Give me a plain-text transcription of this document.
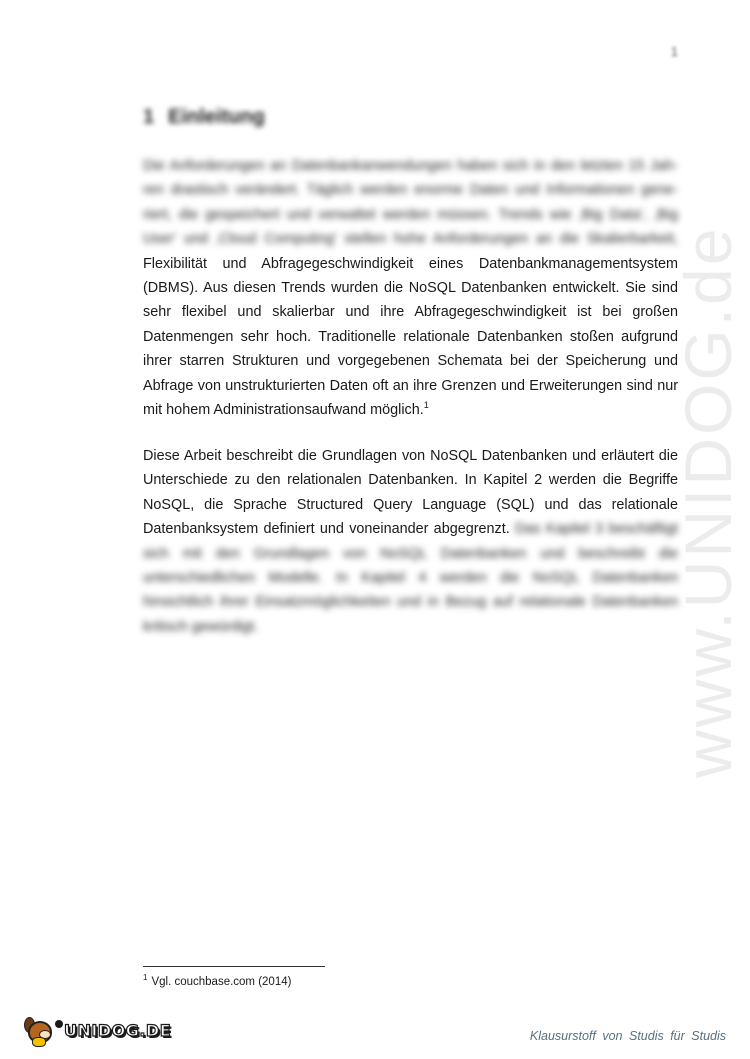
www.UNIDOG.de
1
1 Einleitung

Die Anforderungen an Datenbankanwendungen haben sich in den letzten 15 Jah- ren drastisch verändert. Täglich werden enorme Daten und Informationen gene- riert, die gespeichert und verwaltet werden müssen. Trends wie ‚Big Data', ‚Big User' und ‚Cloud Computing' stellen hohe Anforderungen an die Skalierbarkeit, Flexibilität und Abfragegeschwindigkeit eines Datenbankmanagementsystem (DBMS). Aus diesen Trends wurden die NoSQL Datenbanken entwickelt. Sie sind sehr flexibel und skalierbar und ihre Abfragegeschwindigkeit ist bei großen Datenmengen sehr hoch. Traditionelle relationale Datenbanken stoßen aufgrund ihrer starren Strukturen und vorgegebenen Schemata bei der Speicherung und Abfrage von unstrukturierten Daten oft an ihre Grenzen und Erweiterungen sind nur mit hohem Administrationsaufwand möglich.$^1$

Diese Arbeit beschreibt die Grundlagen von NoSQL Datenbanken und erläutert die Unterschiede zu den relationalen Datenbanken. In Kapitel 2 werden die Begriffe NoSQL, die Sprache Structured Query Language (SQL) und das relationale Datenbanksystem definiert und voneinander abgegrenzt. Das Kapitel 3 beschäftigt sich mit den Grundlagen von NoSQL Datenbanken und beschreibt die unterschiedlichen Modelle. In Kapitel 4 werden die NoSQL Datenbanken hinsichtlich ihrer Einsatzmöglichkeiten und in Bezug auf relationale Datenbanken kritisch gewürdigt.

$^1$ Vgl. couchbase.com (2014)
UNIDOG.DE	Klausurstoff von Studis für Studis
